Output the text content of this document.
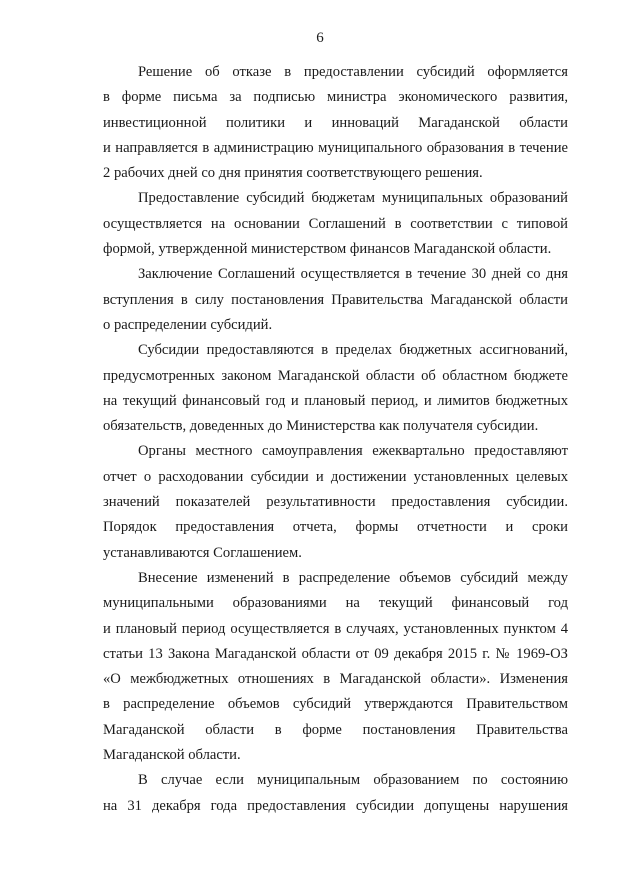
6

Решение об отказе в предоставлении субсидий оформляется
в форме письма за подписью министра экономического развития,
инвестиционной политики и инноваций Магаданской области
и направляется в администрацию муниципального образования в течение
2 рабочих дней со дня принятия соответствующего решения.

Предоставление субсидий бюджетам муниципальных образований
осуществляется на основании Соглашений в соответствии с типовой
формой, утвержденной министерством финансов Магаданской области.

Заключение Соглашений осуществляется в течение 30 дней со дня
вступления в силу постановления Правительства Магаданской области
о распределении субсидий.

Субсидии предоставляются в пределах бюджетных ассигнований,
предусмотренных законом Магаданской области об областном бюджете
на текущий финансовый год и плановый период, и лимитов бюджетных
обязательств, доведенных до Министерства как получателя субсидии.

Органы местного самоуправления ежеквартально предоставляют
отчет о расходовании субсидии и достижении установленных целевых
значений показателей результативности предоставления субсидии.
Порядок предоставления отчета, формы отчетности и сроки
устанавливаются Соглашением.

Внесение изменений в распределение объемов субсидий между
муниципальными образованиями на текущий финансовый год
и плановый период осуществляется в случаях, установленных пунктом 4
статьи 13 Закона Магаданской области от 09 декабря 2015 г. № 1969-ОЗ
«О межбюджетных отношениях в Магаданской области». Изменения
в распределение объемов субсидий утверждаются Правительством
Магаданской области в форме постановления Правительства
Магаданской области.

В случае если муниципальным образованием по состоянию
на 31 декабря года предоставления субсидии допущены нарушения
